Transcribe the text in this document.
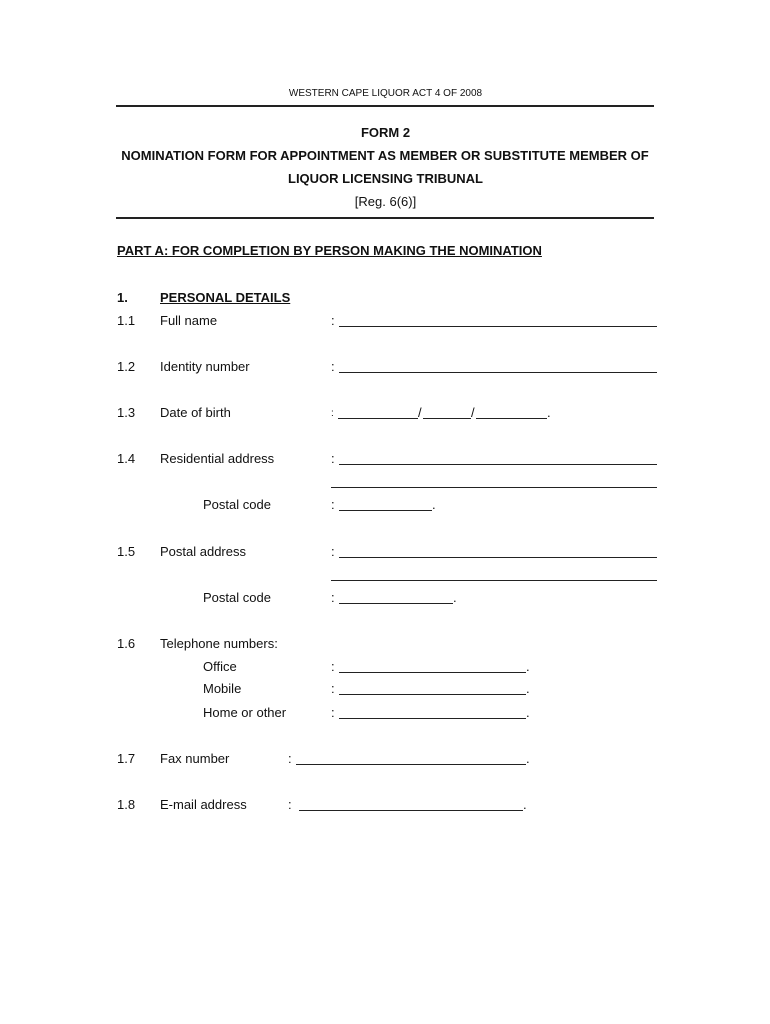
WESTERN CAPE LIQUOR ACT 4 OF 2008
FORM 2
NOMINATION FORM FOR APPOINTMENT AS MEMBER OR SUBSTITUTE MEMBER OF
LIQUOR LICENSING TRIBUNAL
[Reg. 6(6)]
PART A: FOR COMPLETION BY PERSON MAKING THE NOMINATION
1. PERSONAL DETAILS
1.1 Full name	:
1.2 Identity number	:
1.3 Date of birth	:	/	/	.
1.4 Residential address	:
Postal code	:	.
1.5 Postal address	:
Postal code	:	.
1.6 Telephone numbers:
Office	:	.
Mobile	:	.
Home or other	:	.
1.7 Fax number	:	.
1.8 E-mail address	:	.
